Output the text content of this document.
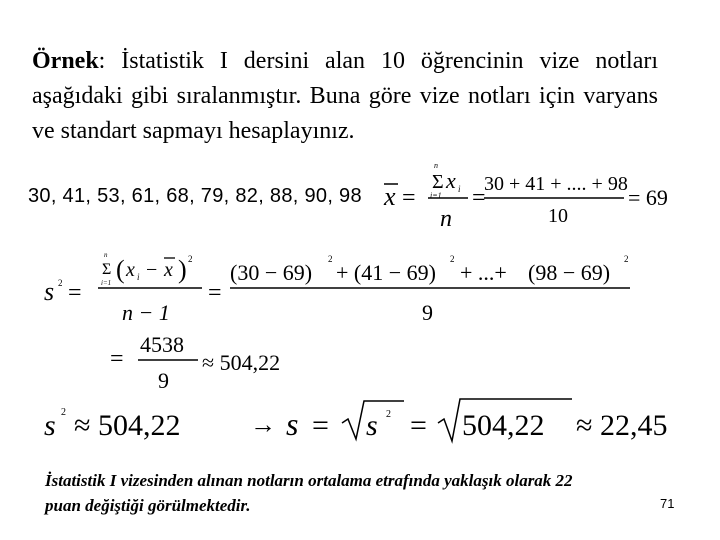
Örnek: İstatistik I dersini alan 10 öğrencinin vize notları aşağıdaki gibi sıralanmıştır. Buna göre vize notları için varyans ve standart sapmayı hesaplayınız.
30, 41, 53, 61, 68, 79, 82, 88, 90, 98 x =
Σ
n
i=1
x i
n
=
30 + 41 + .... + 98
10
= 69
s 2 =
Σ
n
i=1 ( x i − x ) 2
n − 1
=
(30 − 69)
2
+ (41 − 69)
2
+ ...+ (98 − 69)
2
9
=
4538
9
≈ 504,22
s 2 ≈ 504,22	→ s = s 2 = 504,22 ≈ 22,45
İstatistik I vizesinden alınan notların ortalama etrafında yaklaşık olarak 22 puan değiştiği görülmektedir.	71
